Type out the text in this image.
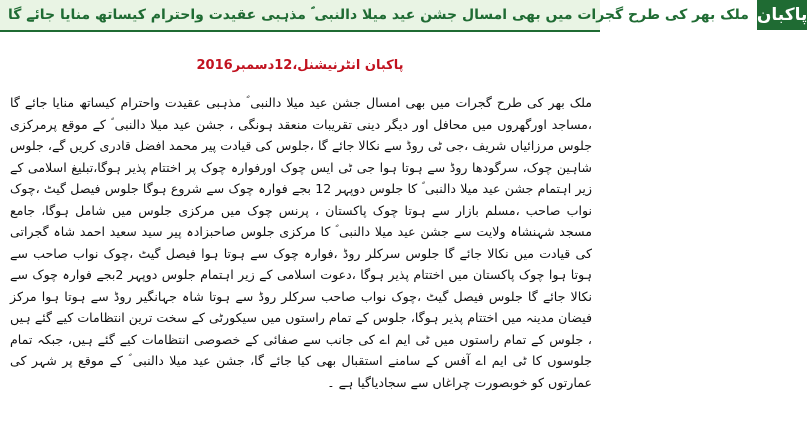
ملک بھر کی طرح گجرات میں بھی امسال جشن عید میلا دالنبی ؐ مذہبی عقیدت واحترام کیساتھ منایا جائے گا پاکبان
پاکبان انٹرنیشنل،12دسمبر2016

ملک بھر کی طرح گجرات میں بھی امسال جشن عید میلا دالنبی ؐ مذہبی عقیدت واحترام کیساتھ منایا جائے گا ،مساجد اورگھروں میں محافل اور دیگر دینی تقریبات منعقد ہونگی ، جشن عید میلا دالنبی ؐ کے موقع پرمرکزی جلوس مرزائیاں شریف ،جی ٹی روڈ سے نکالا جائے گا ،جلوس کی قیادت پیر محمد افضل قادری کریں گے، جلوس شاہین چوک، سرگودھا روڈ سے ہوتا ہوا جی ٹی ایس چوک اورفوارہ چوک پر اختتام پذیر ہوگا،تبلیغ اسلامی کے زیر اہتمام جشن عید میلا دالنبی ؐ کا جلوس دوپہر 12 بجے فوارہ چوک سے شروع ہوگا جلوس فیصل گیٹ ،چوک نواب صاحب ،مسلم بازار سے ہوتا چوک پاکستان ، پرنس چوک میں مرکزی جلوس میں شامل ہوگا، جامع مسجد شہنشاہ ولایت سے جشن عید میلا دالنبی ؐ کا مرکزی جلوس صاحبزادہ پیر سید سعید احمد شاہ گجراتی کی قیادت میں نکالا جائے گا جلوس سرکلر روڈ ،فوارہ چوک سے ہوتا ہوا فیصل گیٹ ،چوک نواب صاحب سے ہوتا ہوا چوک پاکستان میں اختتام پذیر ہوگا ،دعوت اسلامی کے زیر اہتمام جلوس دوپہر 2بجے فوارہ چوک سے نکالا جائے گا جلوس فیصل گیٹ ،چوک نواب صاحب سرکلر روڈ سے ہوتا شاہ جہانگیر روڈ سے ہوتا ہوا مرکز فیضان مدینہ میں اختتام پذیر ہوگا، جلوس کے تمام راستوں میں سیکورٹی کے سخت ترین انتظامات کیے گئے ہیں ، جلوس کے تمام راستوں میں ٹی ایم اے کی جانب سے صفائی کے خصوصی انتظامات کیے گئے ہیں، جبکہ تمام جلوسوں کا ٹی ایم اے آفس کے سامنے استقبال بھی کیا جائے گا، جشن عید میلا دالنبی ؐ کے موقع پر شہر کی عمارتوں کو خوبصورت چراغاں سے سجادیاگیا ہے ۔
